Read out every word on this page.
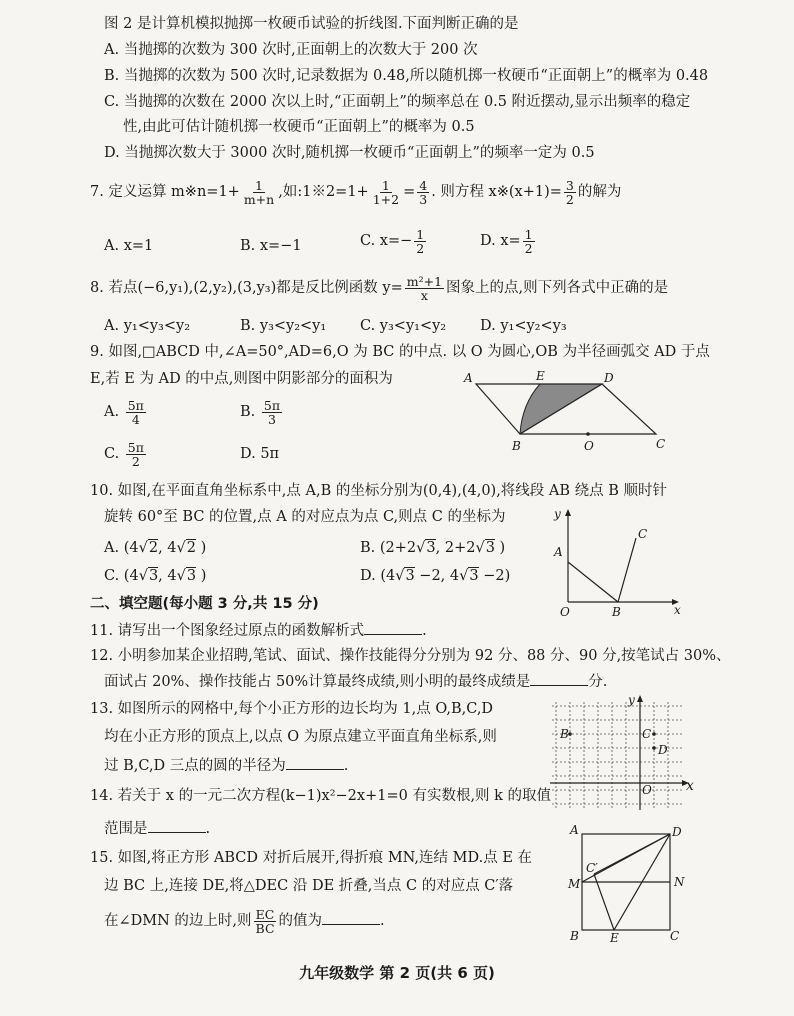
图 2 是计算机模拟抛掷一枚硬币试验的折线图.下面判断正确的是
A. 当抛掷的次数为 300 次时,正面朝上的次数大于 200 次
B. 当抛掷的次数为 500 次时,记录数据为 0.48,所以随机掷一枚硬币“正面朝上”的概率为 0.48
C. 当抛掷的次数在 2000 次以上时,“正面朝上”的频率总在 0.5 附近摆动,显示出频率的稳定
性,由此可估计随机掷一枚硬币“正面朝上”的概率为 0.5
D. 当抛掷次数大于 3000 次时,随机掷一枚硬币“正面朝上”的频率一定为 0.5
7. 定义运算 m※n=1+ $\frac{1}{m+n}$ ,如:1※2=1+ $\frac{1}{1+2} = \frac{4}{3}$ . 则方程 x※(x+1)= $\frac{3}{2}$ 的解为
A. x=1	B. x=−1	C. $x=- \frac{1}{2}$	D. $x= \frac{1}{2}$
8. 若点(−6,y₁),(2,y₂),(3,y₃)都是反比例函数 $y= \frac{\text{m²+1}}{x}$ 图象上的点,则下列各式中正确的是
A. y₁<y₃<y₂	B. y₃<y₂<y₁ C. y₃<y₁<y₂ D. y₁<y₂<y₃
9. 如图,□ABCD 中,∠A=50°,AD=6,O 为 BC 的中点. 以 O 为圆心,OB 为半径画弧交 AD 于点
E,若 E 为 AD 的中点,则图中阴影部分的面积为
A. $\frac{5\pi}{4}$	B. $\frac{5\pi}{3}$
C. $\frac{5\pi}{2}$	D. 5π
A	E	D
B	O	C
10. 如图,在平面直角坐标系中,点 A,B 的坐标分别为(0,4),(4,0),将线段 AB 绕点 B 顺时针
旋转 60°至 BC 的位置,点 A 的对应点为点 C,则点 C 的坐标为
A. (4√2, 4√2 )	B. (2+2√3, 2+2√3 )
C. (4√3, 4√3 )	D. (4√3 −2, 4√3 −2)
y
A
O	B	x
C
二、填空题(每小题 3 分,共 15 分)
11. 请写出一个图象经过原点的函数解析式	.
12. 小明参加某企业招聘,笔试、面试、操作技能得分分别为 92 分、88 分、90 分,按笔试占 30%、
面试占 20%、操作技能占 50%计算最终成绩,则小明的最终成绩是	分.
13. 如图所示的网格中,每个小正方形的边长均为 1,点 O,B,C,D
均在小正方形的顶点上,以点 O 为原点建立平面直角坐标系,则
过 B,C,D 三点的圆的半径为	.
y
B	C
D
O x
14. 若关于 x 的一元二次方程(k−1)x²−2x+1=0 有实数根,则 k 的取值
范围是	.
15. 如图,将正方形 ABCD 对折后展开,得折痕 MN,连结 MD.点 E 在
边 BC 上,连接 DE,将△DEC 沿 DE 折叠,当点 C 的对应点 C′落
在∠DMN 的边上时,则 $\frac{EC}{BC}$ 的值为	.
A	D
C′
M	N
B	E	C
九年级数学 第 2 页(共 6 页)
